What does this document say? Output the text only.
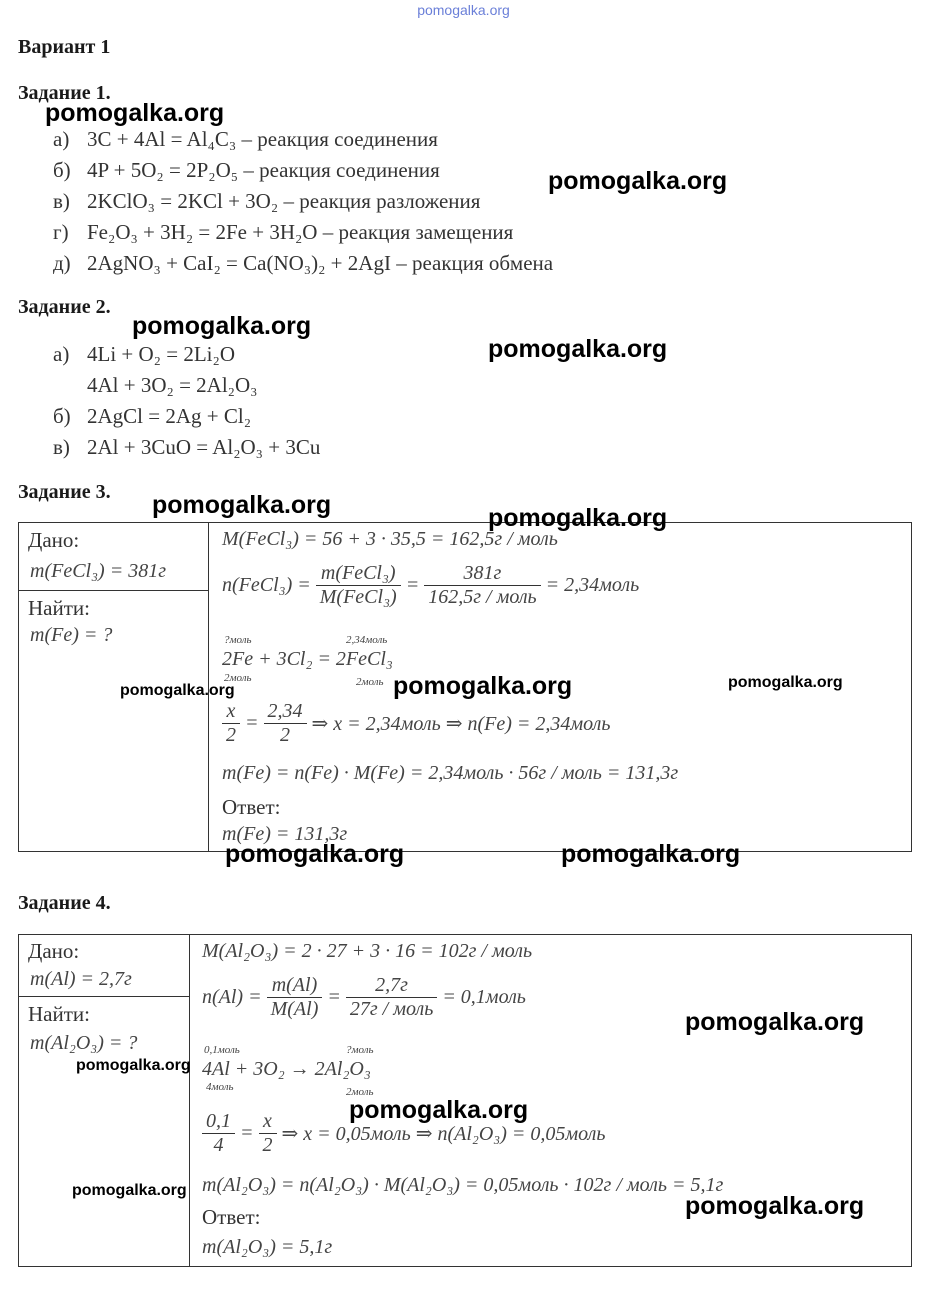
pomogalka.org
Вариант 1
Задание 1.
а) 3C + 4Al = Al₄C₃ – реакция соединения
б) 4P + 5O₂ = 2P₂O₅ – реакция соединения
в) 2KClO₃ = 2KCl + 3O₂ – реакция разложения
г) Fe₂O₃ + 3H₂ = 2Fe + 3H₂O – реакция замещения
д) 2AgNO₃ + CaI₂ = Ca(NO₃)₂ + 2AgI – реакция обмена
Задание 2.
а) 4Li + O₂ = 2Li₂O
4Al + 3O₂ = 2Al₂O₃
б) 2AgCl = 2Ag + Cl₂
в) 2Al + 3CuO = Al₂O₃ + 3Cu
Задание 3.
Дано:
m(FeCl₃) = 381г
Найти:
m(Fe) = ?
M(FeCl₃) = 56 + 3 · 35,5 = 162,5г / моль
n(FeCl₃) = $\frac{\text{m(FeCl₃)}}{\text{M(FeCl₃)}} = \frac{381г}{\text{162,5г / моль}}$ = 2,34моль
?моль	2,34моль
2Fe + 3Cl₂ = 2FeCl₃
2моль	2моль
$\frac{x}{2} = \frac{2,34}{2}$ ⇒ x = 2,34моль ⇒ n(Fe) = 2,34моль
m(Fe) = n(Fe) · M(Fe) = 2,34моль · 56г / моль = 131,3г
Ответ:
m(Fe) = 131,3г
Задание 4.
Дано:
m(Al) = 2,7г
Найти:
m(Al₂O₃) = ?
M(Al₂O₃) = 2 · 27 + 3 · 16 = 102г / моль
$n(Al) = \frac{m(Al)}{M(Al)} = \frac{2,7г}{\text{27г / моль}}$ = 0,1моль
0,1моль	?моль
4Al + 3O₂ → 2Al₂O₃
4моль	2моль
$\frac{0,1}{4} = \frac{x}{2}$ ⇒ x = 0,05моль ⇒ n(Al₂O₃) = 0,05моль
m(Al₂O₃) = n(Al₂O₃) · M(Al₂O₃) = 0,05моль · 102г / моль = 5,1г
Ответ:
m(Al₂O₃) = 5,1г
pomogalka.org
pomogalka.org
pomogalka.org
pomogalka.org
pomogalka.org	pomogalka.org
pomogalka.org	pomogalka.org	pomogalka.org
pomogalka.org	pomogalka.org
pomogalka.org
pomogalka.org
pomogalka.org
pomogalka.org
pomogalka.org
